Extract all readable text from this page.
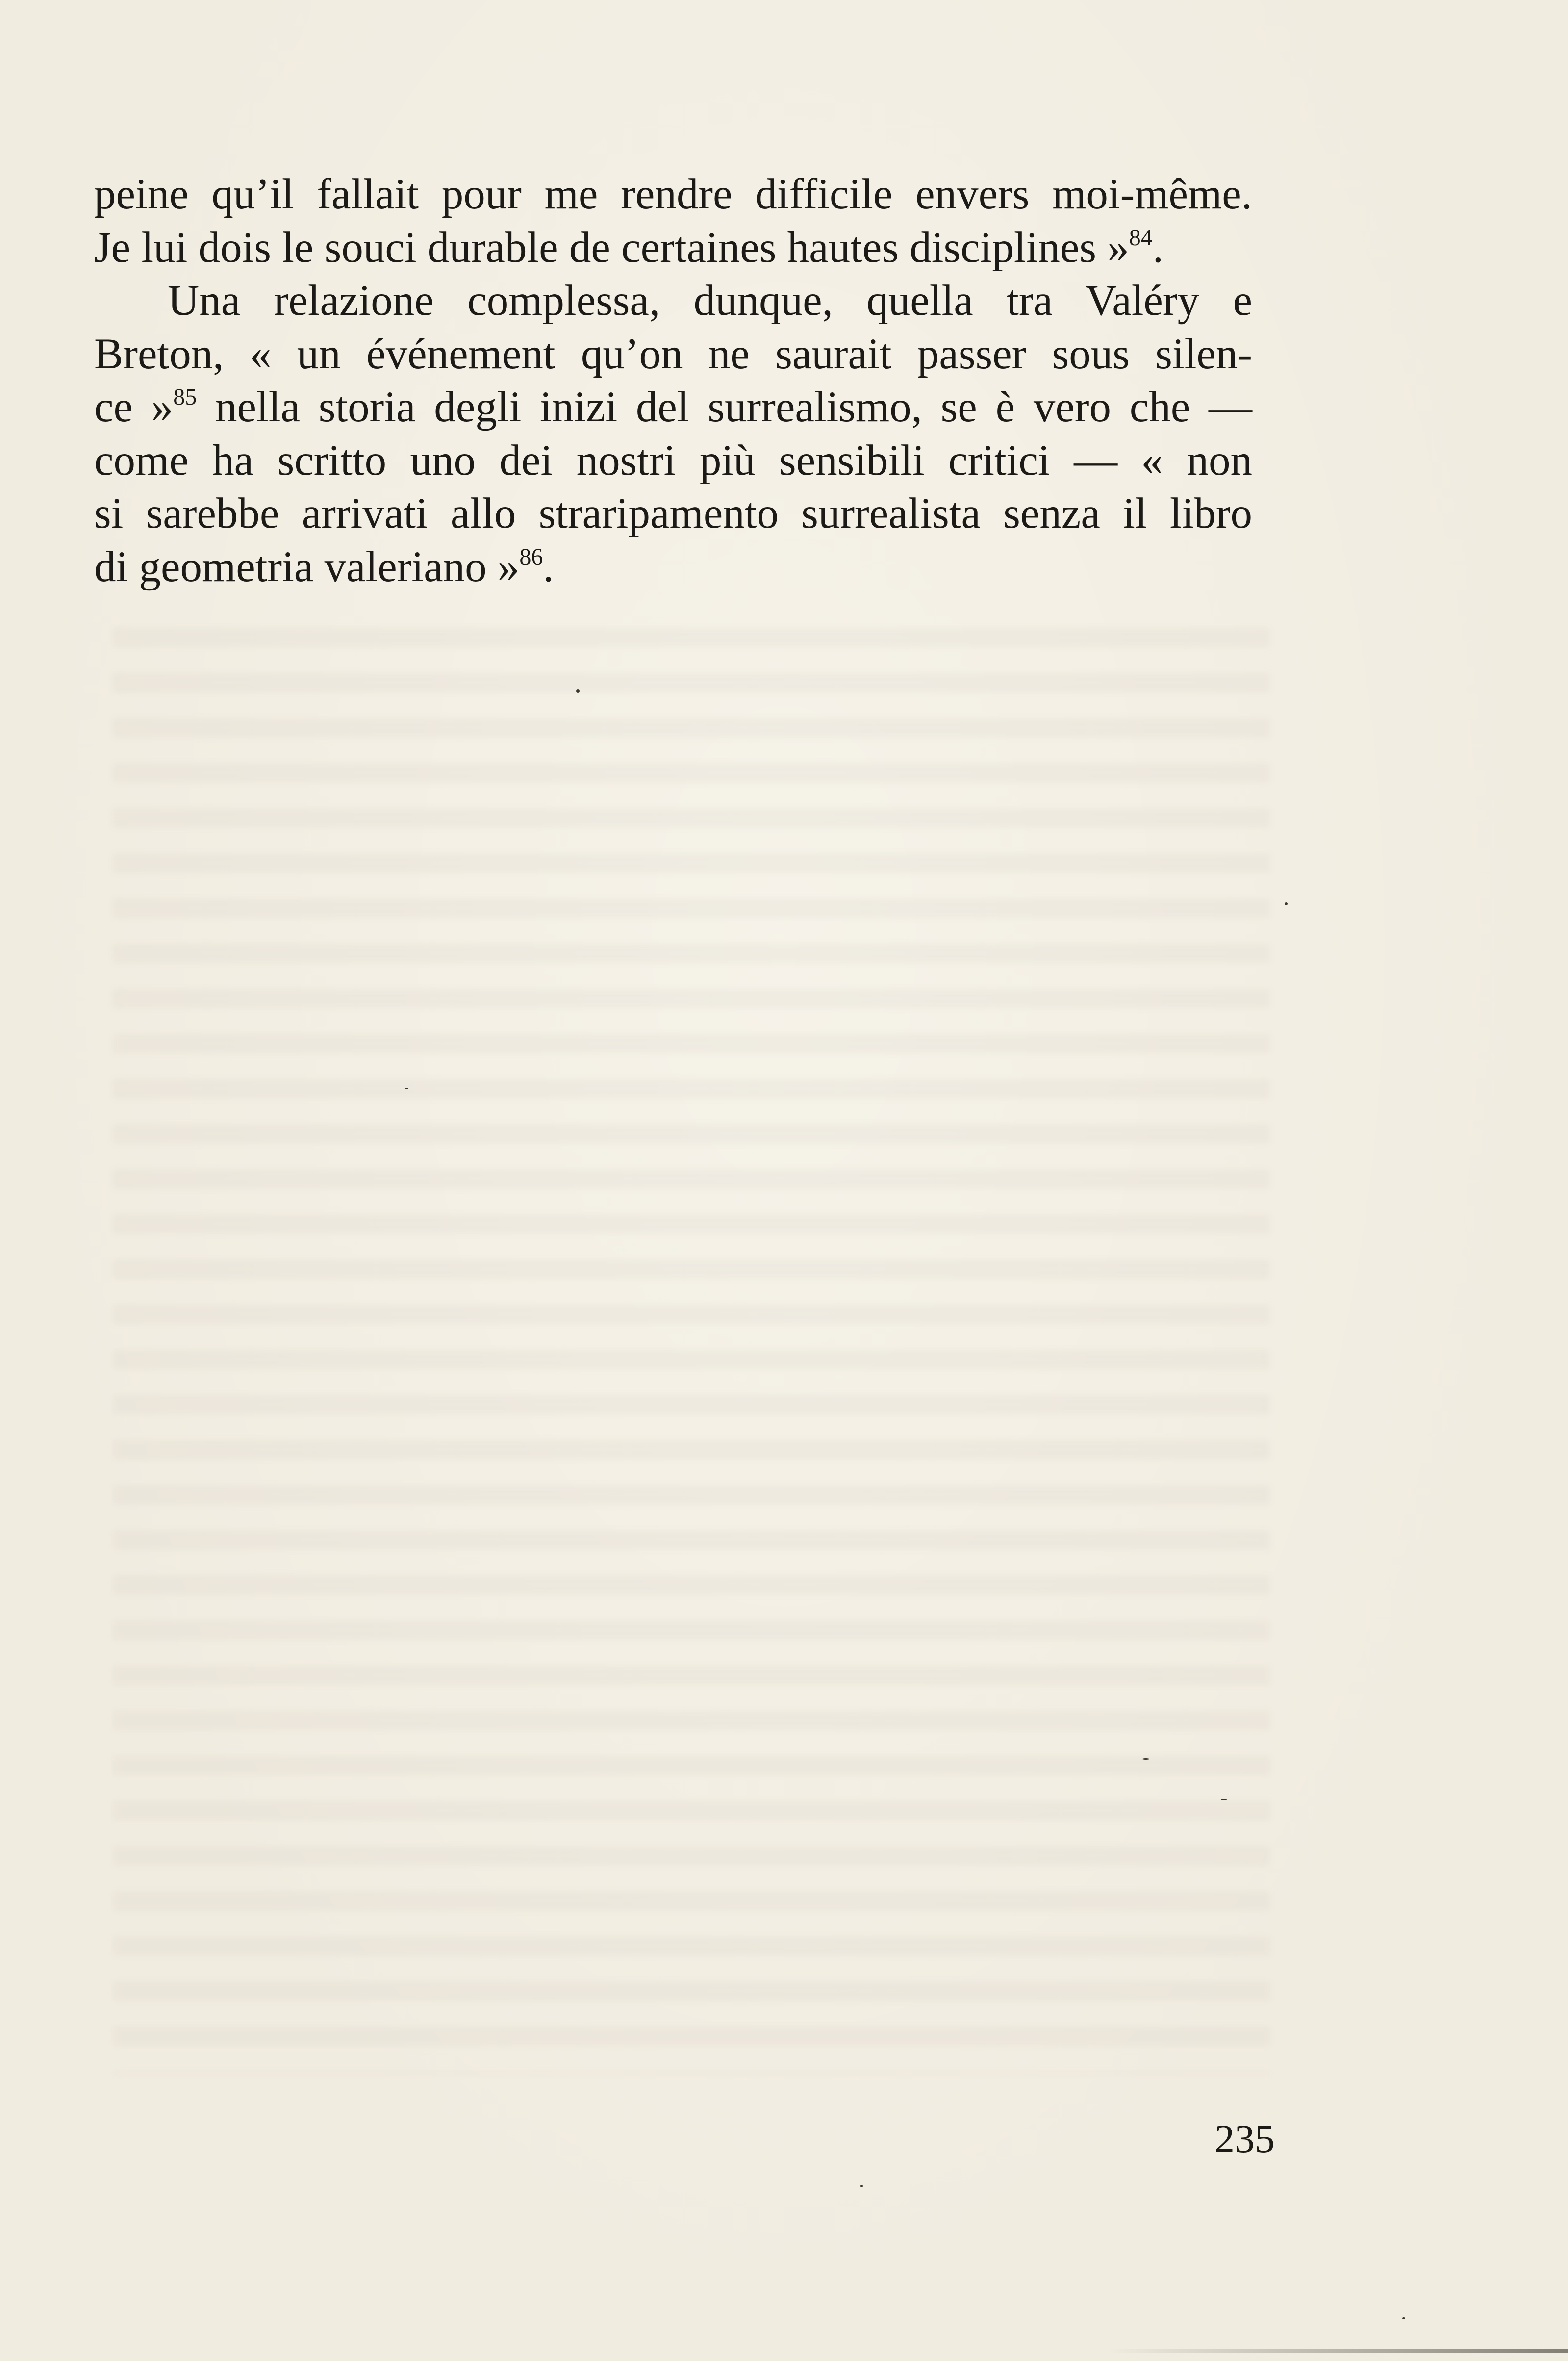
peine qu’il fallait pour me rendre difficile envers moi-même.
Je lui dois le souci durable de certaines hautes disciplines »$^{84}$.
Una relazione complessa, dunque, quella tra Valéry e
Breton, « un événement qu’on ne saurait passer sous silen-
ce »$^{85}$ nella storia degli inizi del surrealismo, se è vero che —
come ha scritto uno dei nostri più sensibili critici — « non
si sarebbe arrivati allo straripamento surrealista senza il libro
di geometria valeriano »$^{86}$.
235
